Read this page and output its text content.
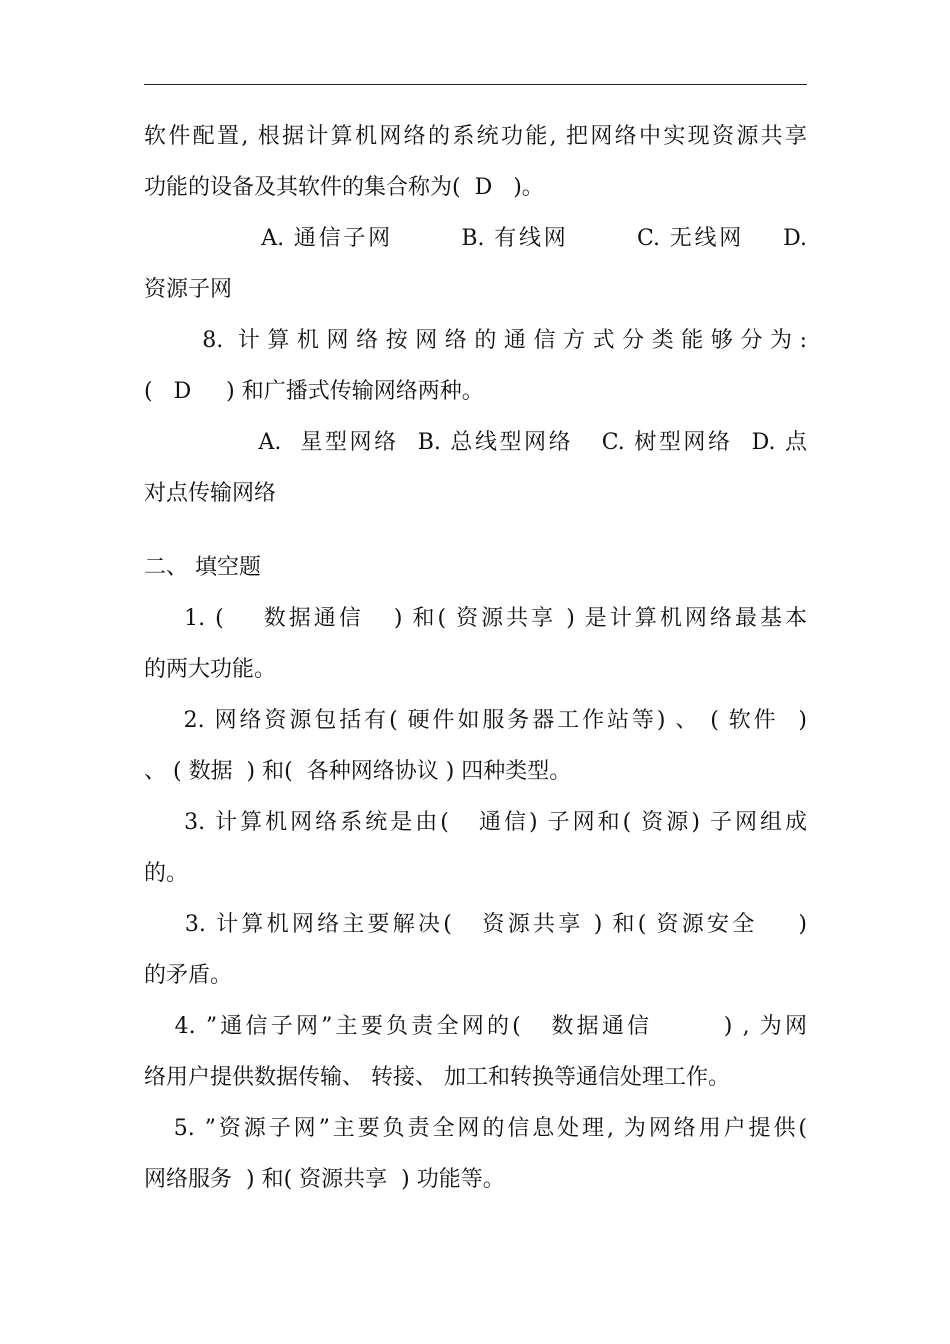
软件配置, 根据计算机网络的系统功能, 把网络中实现资源共享
功能的设备及其软件的集合称为(  D   )。
A. 通信子网       B. 有线网       C. 无线网    D.
资源子网
8. 计算机网络按网络的通信方式分类能够分为:
(   D     ) 和广播式传输网络两种。
A.  星型网络  B. 总线型网络   C. 树型网络  D. 点
对点传输网络
二、 填空题
1. (    数据通信   ) 和( 资源共享 ) 是计算机网络最基本
的两大功能。
2. 网络资源包括有( 硬件如服务器工作站等) 、 ( 软件  )
、 ( 数据  ) 和(  各种网络协议 ) 四种类型。
3. 计算机网络系统是由(   通信) 子网和( 资源) 子网组成
的。
3. 计算机网络主要解决(   资源共享 ) 和( 资源安全    )
的矛盾。
4. ”通信子网”主要负责全网的(   数据通信       ) , 为网
络用户提供数据传输、 转接、 加工和转换等通信处理工作。
5. ”资源子网”主要负责全网的信息处理, 为网络用户提供(
网络服务  ) 和( 资源共享  ) 功能等。
